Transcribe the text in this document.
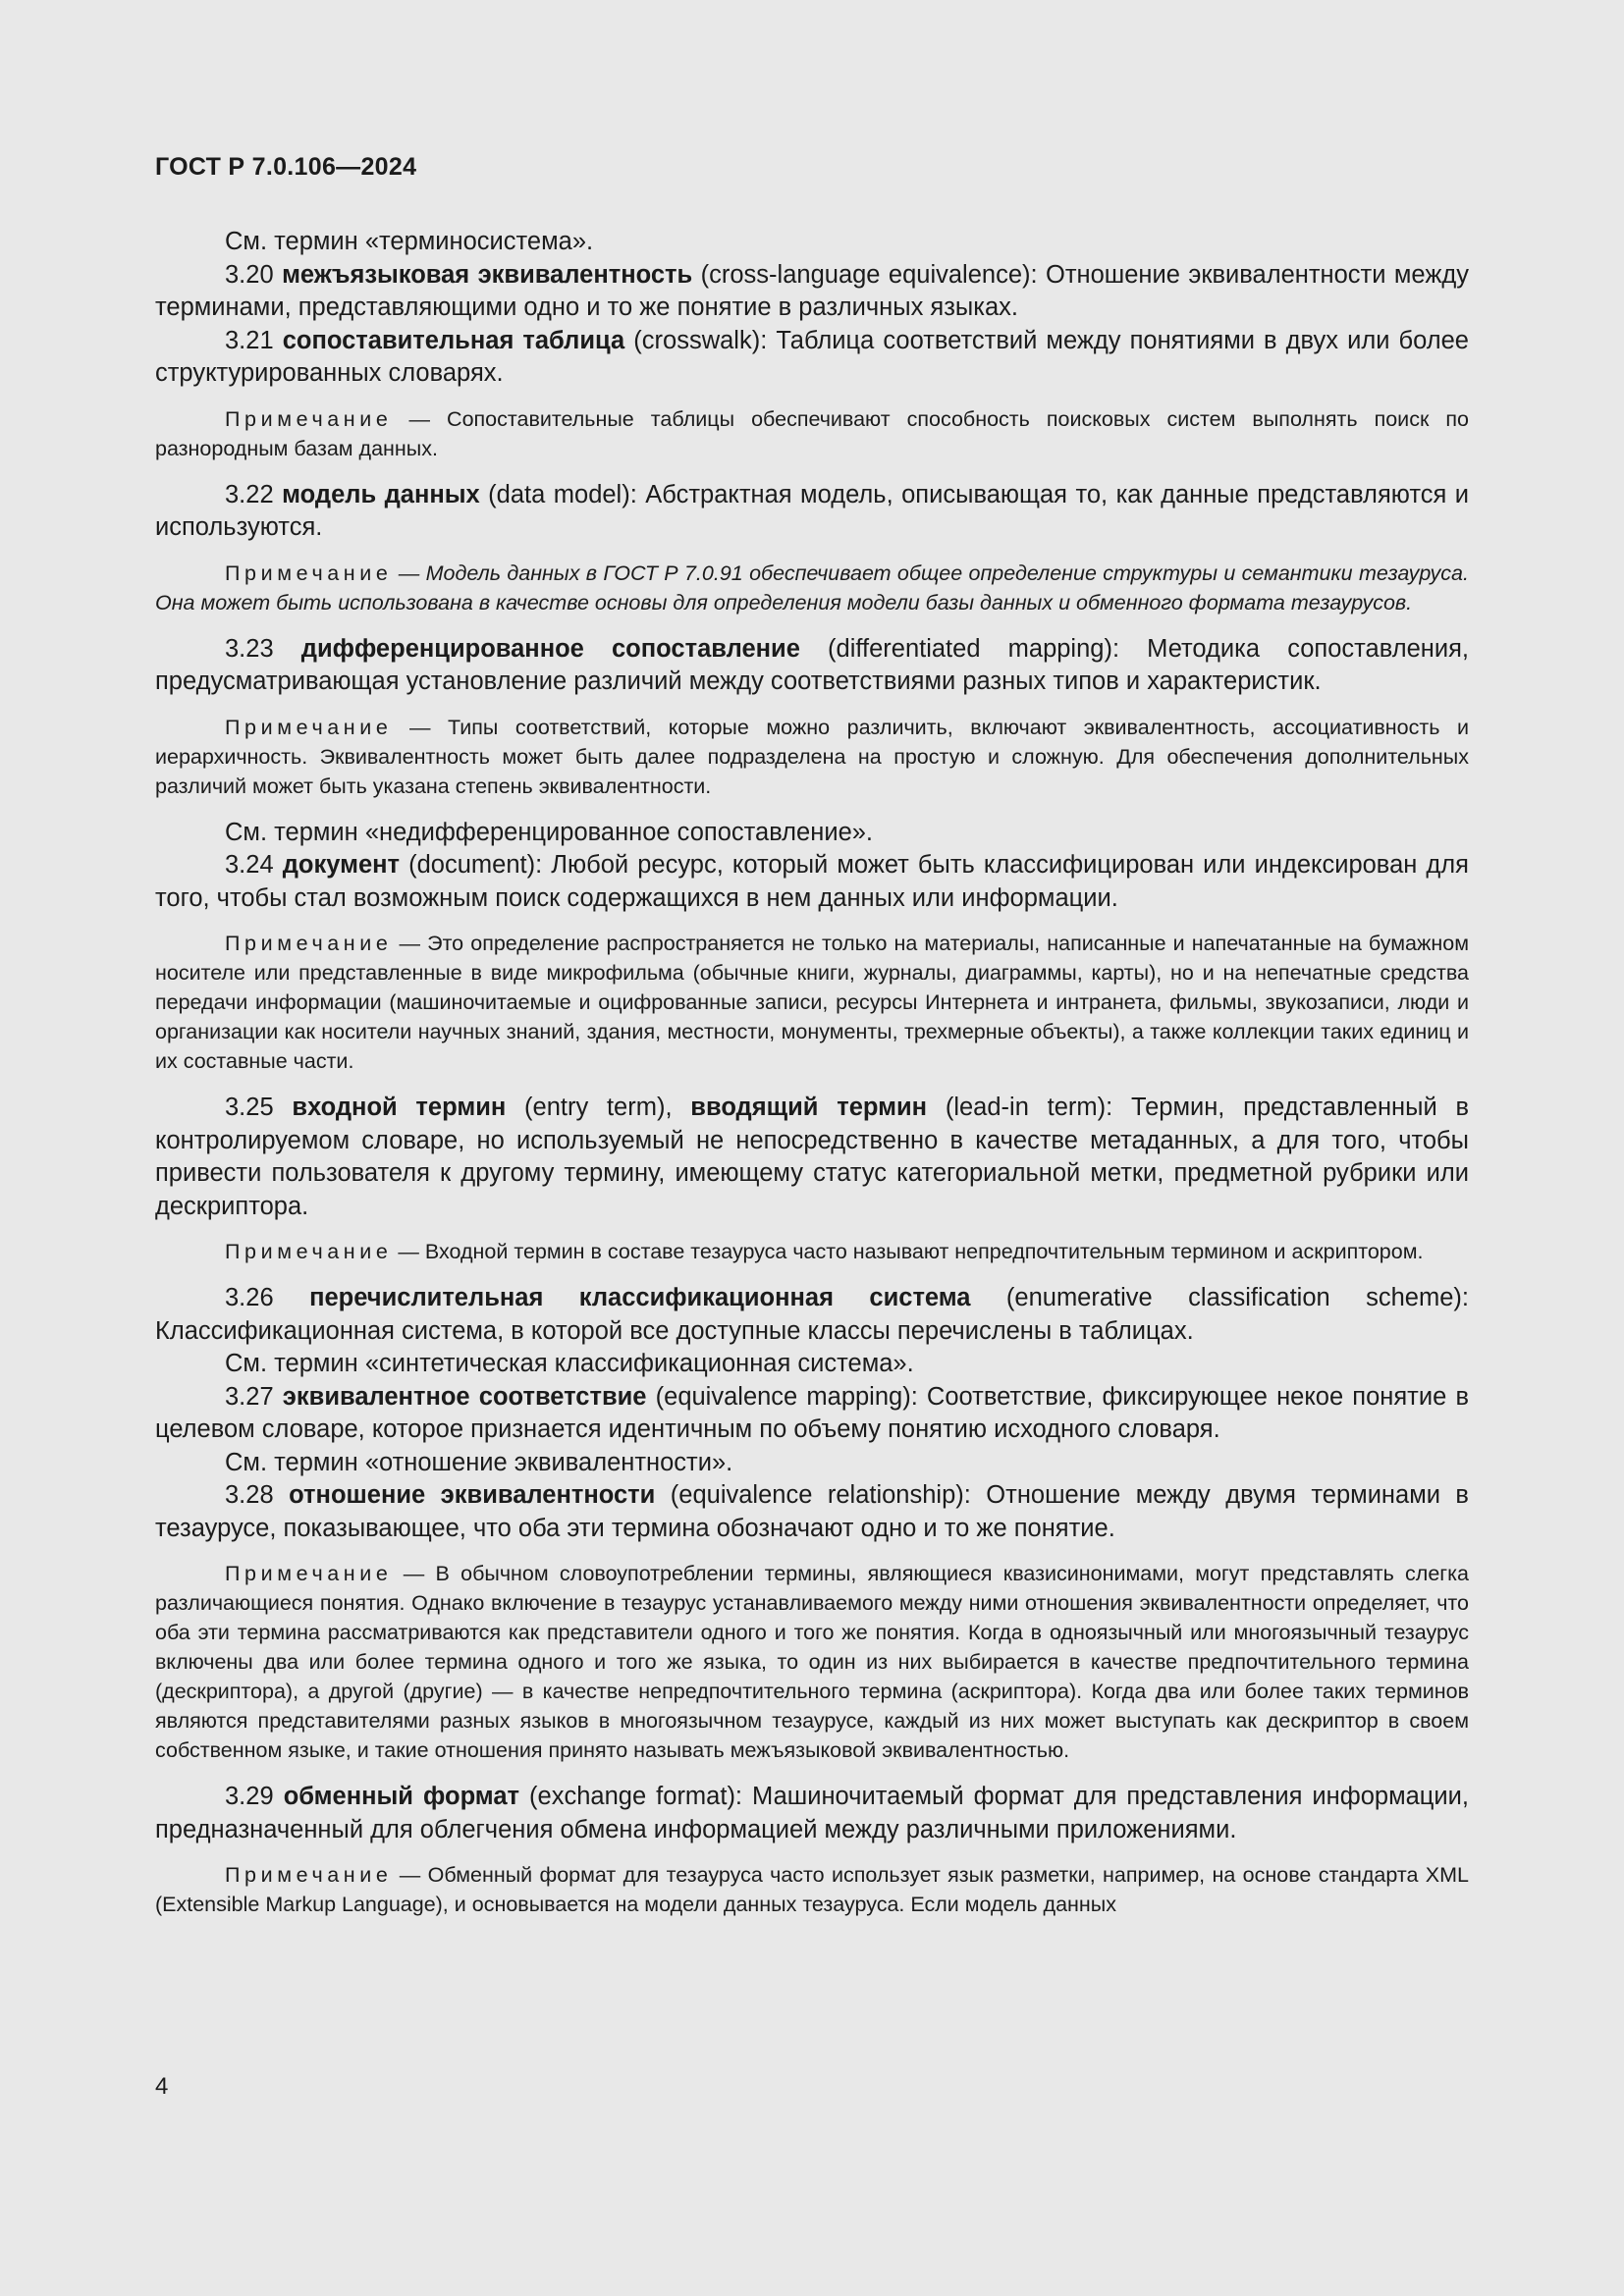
ГОСТ Р 7.0.106—2024

См. термин «терминосистема».

3.20 межъязыковая эквивалентность (cross-language equivalence): Отношение эквивалентности между терминами, представляющими одно и то же понятие в различных языках.

3.21 сопоставительная таблица (crosswalk): Таблица соответствий между понятиями в двух или более структурированных словарях.

Примечание — Сопоставительные таблицы обеспечивают способность поисковых систем выполнять поиск по разнородным базам данных.

3.22 модель данных (data model): Абстрактная модель, описывающая то, как данные представляются и используются.

Примечание — Модель данных в ГОСТ Р 7.0.91 обеспечивает общее определение структуры и семантики тезауруса. Она может быть использована в качестве основы для определения модели базы данных и обменного формата тезаурусов.

3.23 дифференцированное сопоставление (differentiated mapping): Методика сопоставления, предусматривающая установление различий между соответствиями разных типов и характеристик.

Примечание — Типы соответствий, которые можно различить, включают эквивалентность, ассоциативность и иерархичность. Эквивалентность может быть далее подразделена на простую и сложную. Для обеспечения дополнительных различий может быть указана степень эквивалентности.

См. термин «недифференцированное сопоставление».

3.24 документ (document): Любой ресурс, который может быть классифицирован или индексирован для того, чтобы стал возможным поиск содержащихся в нем данных или информации.

Примечание — Это определение распространяется не только на материалы, написанные и напечатанные на бумажном носителе или представленные в виде микрофильма (обычные книги, журналы, диаграммы, карты), но и на непечатные средства передачи информации (машиночитаемые и оцифрованные записи, ресурсы Интернета и интранета, фильмы, звукозаписи, люди и организации как носители научных знаний, здания, местности, монументы, трехмерные объекты), а также коллекции таких единиц и их составные части.

3.25 входной термин (entry term), вводящий термин (lead-in term): Термин, представленный в контролируемом словаре, но используемый не непосредственно в качестве метаданных, а для того, чтобы привести пользователя к другому термину, имеющему статус категориальной метки, предметной рубрики или дескриптора.

Примечание — Входной термин в составе тезауруса часто называют непредпочтительным термином и аскриптором.

3.26 перечислительная классификационная система (enumerative classification scheme): Классификационная система, в которой все доступные классы перечислены в таблицах.

См. термин «синтетическая классификационная система».

3.27 эквивалентное соответствие (equivalence mapping): Соответствие, фиксирующее некое понятие в целевом словаре, которое признается идентичным по объему понятию исходного словаря.

См. термин «отношение эквивалентности».

3.28 отношение эквивалентности (equivalence relationship): Отношение между двумя терминами в тезаурусе, показывающее, что оба эти термина обозначают одно и то же понятие.

Примечание — В обычном словоупотреблении термины, являющиеся квазисинонимами, могут представлять слегка различающиеся понятия. Однако включение в тезаурус устанавливаемого между ними отношения эквивалентности определяет, что оба эти термина рассматриваются как представители одного и того же понятия. Когда в одноязычный или многоязычный тезаурус включены два или более термина одного и того же языка, то один из них выбирается в качестве предпочтительного термина (дескриптора), а другой (другие) — в качестве непредпочтительного термина (аскриптора). Когда два или более таких терминов являются представителями разных языков в многоязычном тезаурусе, каждый из них может выступать как дескриптор в своем собственном языке, и такие отношения принято называть межъязыковой эквивалентностью.

3.29 обменный формат (exchange format): Машиночитаемый формат для представления информации, предназначенный для облегчения обмена информацией между различными приложениями.

Примечание — Обменный формат для тезауруса часто использует язык разметки, например, на основе стандарта XML (Extensible Markup Language), и основывается на модели данных тезауруса. Если модель данных

4
